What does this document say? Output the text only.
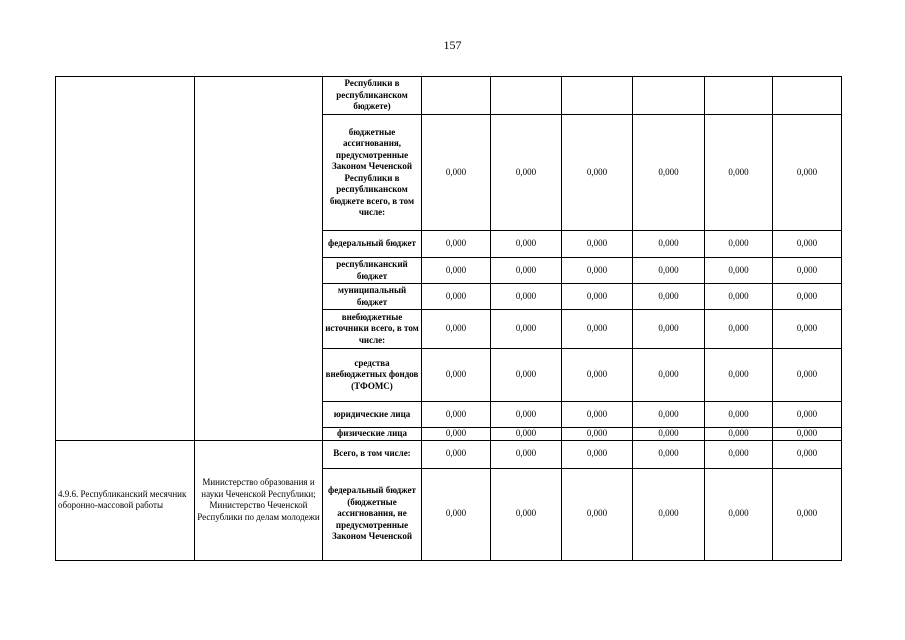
157
		Республики в республиканском бюджете)						
		бюджетные ассигнования, предусмотренные Законом Чеченской Республики в республиканском бюджете всего, в том числе:	0,000	0,000	0,000	0,000	0,000	0,000
		федеральный бюджет	0,000	0,000	0,000	0,000	0,000	0,000
		республиканский бюджет	0,000	0,000	0,000	0,000	0,000	0,000
		муниципальный бюджет	0,000	0,000	0,000	0,000	0,000	0,000
		внебюджетные источники всего, в том числе:	0,000	0,000	0,000	0,000	0,000	0,000
		средства внебюджетных фондов (ТФОМС)	0,000	0,000	0,000	0,000	0,000	0,000
		юридические лица	0,000	0,000	0,000	0,000	0,000	0,000
		физические лица	0,000	0,000	0,000	0,000	0,000	0,000
4.9.6. Республиканский месячник оборонно-массовой работы	Министерство образования и науки Чеченской Республики; Министерство Чеченской Республики по делам молодежи	Всего, в том числе:	0,000	0,000	0,000	0,000	0,000	0,000
		федеральный бюджет (бюджетные ассигнования, не предусмотренные Законом Чеченской	0,000	0,000	0,000	0,000	0,000	0,000
